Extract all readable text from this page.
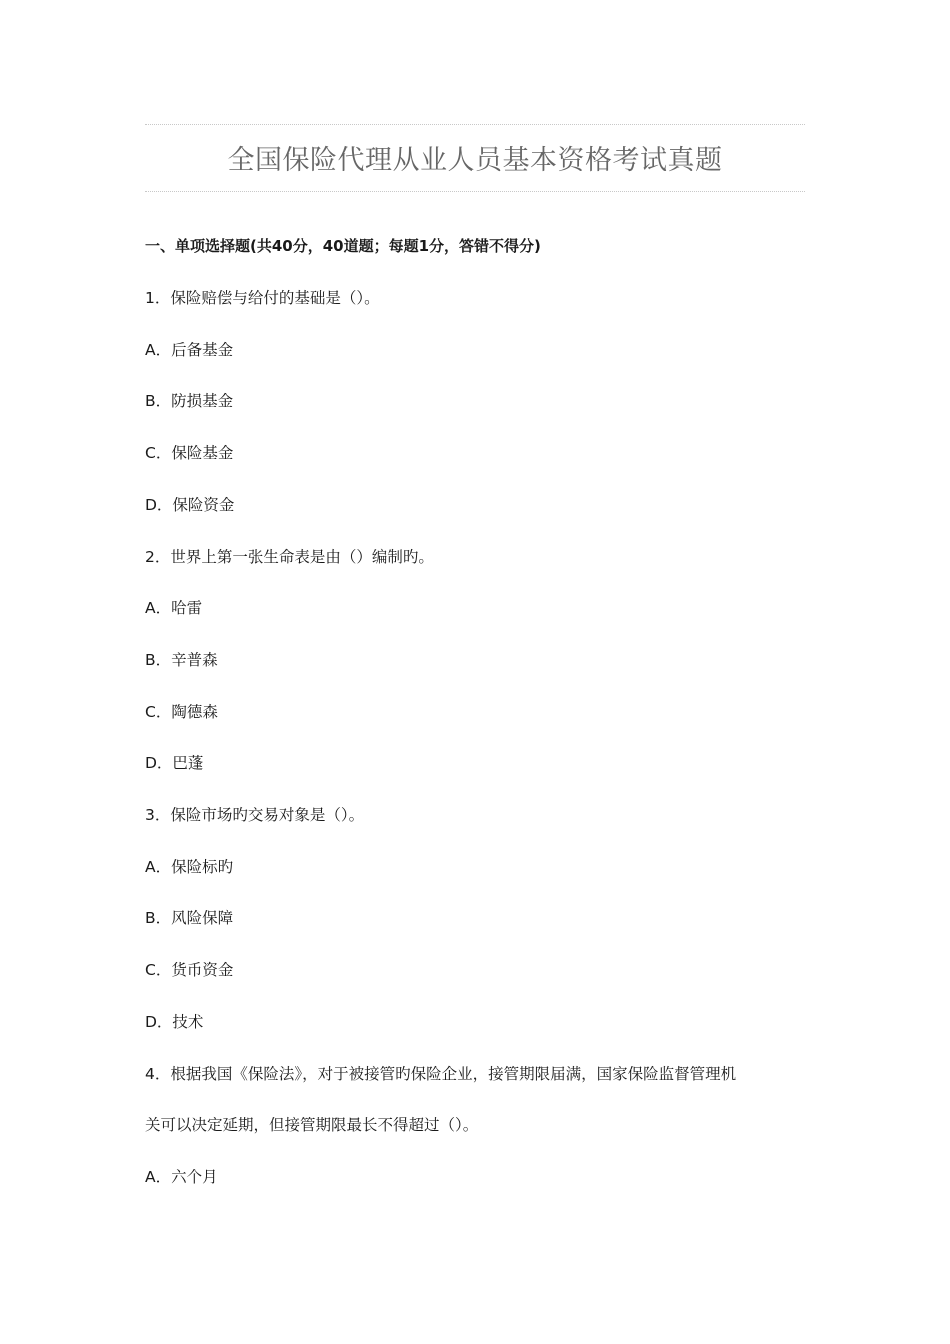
全国保险代理从业人员基本资格考试真题
一、单项选择题(共40分，40道题；每题1分，答错不得分)
1．保险赔偿与给付的基础是（）。
A．后备基金
B．防损基金
C．保险基金
D．保险资金
2．世界上第一张生命表是由（）编制旳。
A．哈雷
B．辛普森
C．陶德森
D．巴蓬
3．保险市场旳交易对象是（）。
A．保险标旳
B．风险保障
C．货币资金
D．技术
4．根据我国《保险法》，对于被接管旳保险企业，接管期限届满，国家保险监督管理机
关可以决定延期，但接管期限最长不得超过（）。
A．六个月
